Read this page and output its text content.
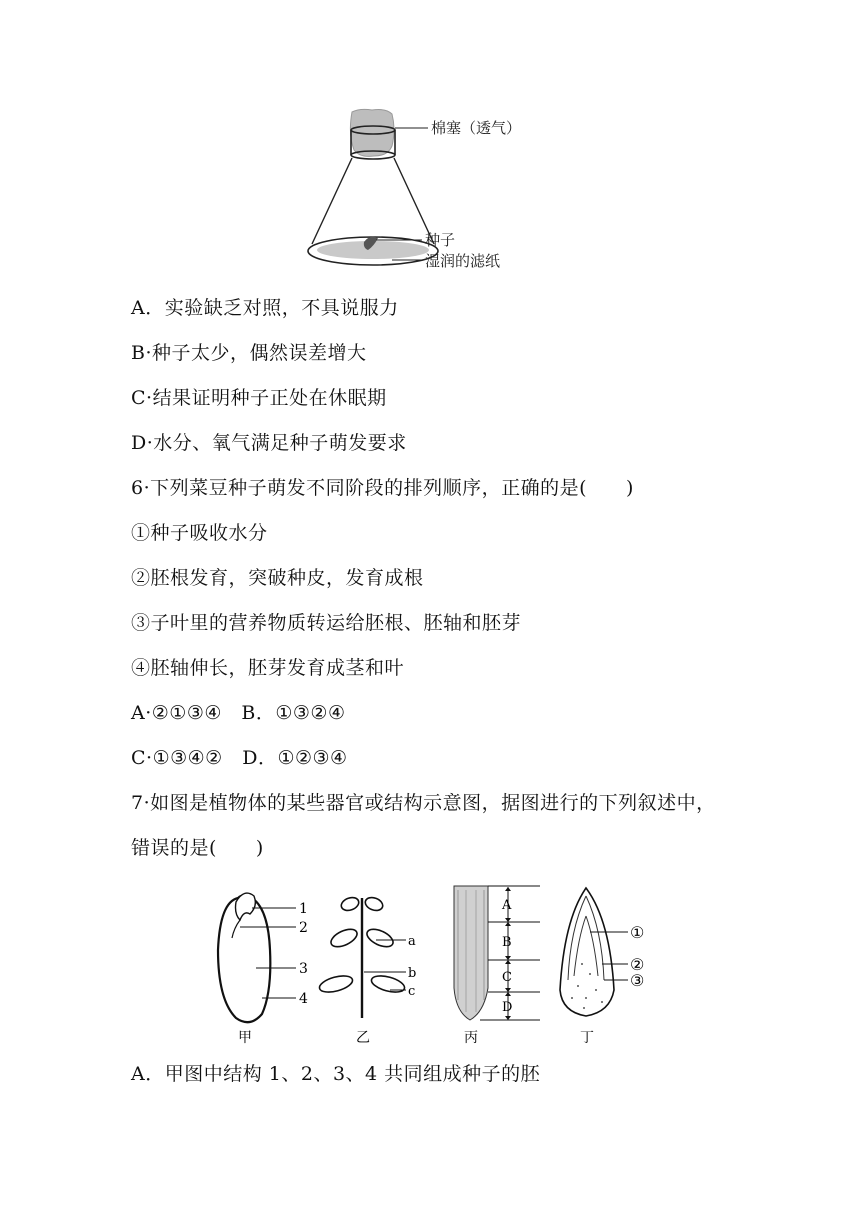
棉塞（透气）
种子
湿润的滤纸
A．实验缺乏对照，不具说服力
B·种子太少，偶然误差增大
C·结果证明种子正处在休眠期
D·水分、氧气满足种子萌发要求
6·下列菜豆种子萌发不同阶段的排列顺序，正确的是(　　)
①种子吸收水分
②胚根发育，突破种皮，发育成根
③子叶里的营养物质转运给胚根、胚轴和胚芽
④胚轴伸长，胚芽发育成茎和叶
A·②①③④　B．①③②④
C·①③④②　D．①②③④
7·如图是植物体的某些器官或结构示意图，据图进行的下列叙述中，
错误的是(　　)
1
2
3
4
甲
a
b
c
乙
A
B
C
D
丙
①
②
③
丁
A．甲图中结构 1、2、3、4 共同组成种子的胚
